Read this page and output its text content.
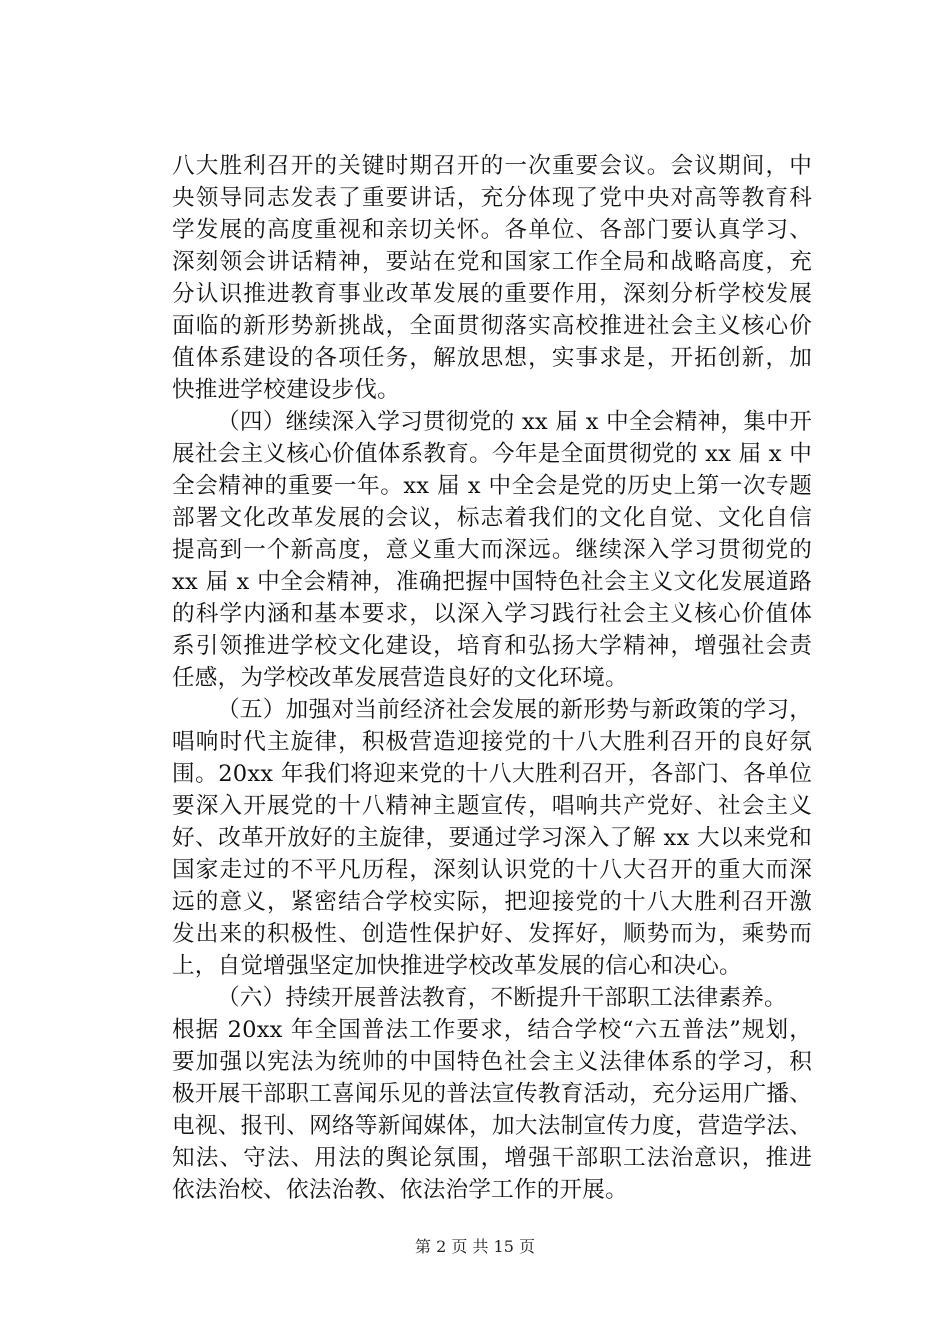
八大胜利召开的关键时期召开的一次重要会议。会议期间，中
央领导同志发表了重要讲话，充分体现了党中央对高等教育科
学发展的高度重视和亲切关怀。各单位、各部门要认真学习、
深刻领会讲话精神，要站在党和国家工作全局和战略高度，充
分认识推进教育事业改革发展的重要作用，深刻分析学校发展
面临的新形势新挑战，全面贯彻落实高校推进社会主义核心价
值体系建设的各项任务，解放思想，实事求是，开拓创新，加
快推进学校建设步伐。
（四）继续深入学习贯彻党的 xx 届 x 中全会精神，集中开
展社会主义核心价值体系教育。今年是全面贯彻党的 xx 届 x 中
全会精神的重要一年。xx 届 x 中全会是党的历史上第一次专题
部署文化改革发展的会议，标志着我们的文化自觉、文化自信
提高到一个新高度，意义重大而深远。继续深入学习贯彻党的
xx 届 x 中全会精神，准确把握中国特色社会主义文化发展道路
的科学内涵和基本要求，以深入学习践行社会主义核心价值体
系引领推进学校文化建设，培育和弘扬大学精神，增强社会责
任感，为学校改革发展营造良好的文化环境。
（五）加强对当前经济社会发展的新形势与新政策的学习，
唱响时代主旋律，积极营造迎接党的十八大胜利召开的良好氛
围。20xx 年我们将迎来党的十八大胜利召开，各部门、各单位
要深入开展党的十八精神主题宣传，唱响共产党好、社会主义
好、改革开放好的主旋律，要通过学习深入了解 xx 大以来党和
国家走过的不平凡历程，深刻认识党的十八大召开的重大而深
远的意义，紧密结合学校实际，把迎接党的十八大胜利召开激
发出来的积极性、创造性保护好、发挥好，顺势而为，乘势而
上，自觉增强坚定加快推进学校改革发展的信心和决心。
（六）持续开展普法教育，不断提升干部职工法律素养。
根据 20xx 年全国普法工作要求，结合学校“六五普法”规划，
要加强以宪法为统帅的中国特色社会主义法律体系的学习，积
极开展干部职工喜闻乐见的普法宣传教育活动，充分运用广播、
电视、报刊、网络等新闻媒体，加大法制宣传力度，营造学法、
知法、守法、用法的舆论氛围，增强干部职工法治意识，推进
依法治校、依法治教、依法治学工作的开展。
第 2 页 共 15 页
